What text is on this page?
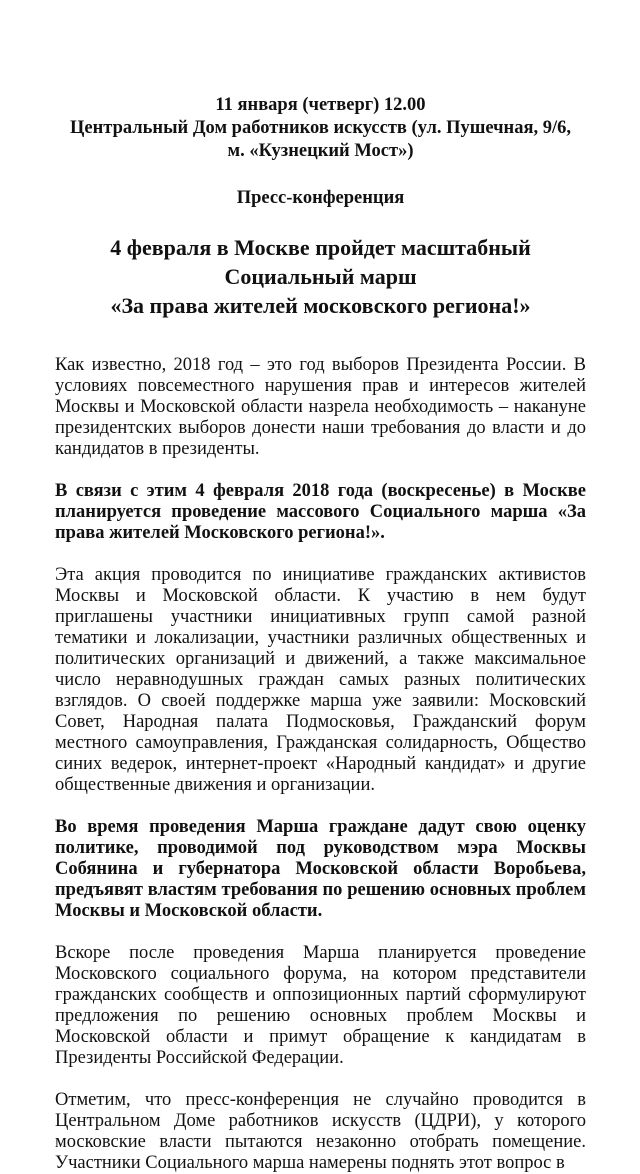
11 января (четверг) 12.00
Центральный Дом работников искусств (ул. Пушечная, 9/6,
м. «Кузнецкий Мост»)
Пресс-конференция
4 февраля в Москве пройдет масштабный
Социальный марш
«За права жителей московского региона!»

Как известно, 2018 год – это год выборов Президента России. В условиях повсеместного нарушения прав и интересов жителей Москвы и Московской области назрела необходимость – накануне президентских выборов донести наши требования до власти и до кандидатов в президенты.

В связи с этим 4 февраля 2018 года (воскресенье) в Москве планируется проведение массового Социального марша «За права жителей Московского региона!».

Эта акция проводится по инициативе гражданских активистов Москвы и Московской области. К участию в нем будут приглашены участники инициативных групп самой разной тематики и локализации, участники различных общественных и политических организаций и движений, а также максимальное число неравнодушных граждан самых разных политических взглядов. О своей поддержке марша уже заявили: Московский Совет, Народная палата Подмосковья, Гражданский форум местного самоуправления, Гражданская солидарность, Общество синих ведерок, интернет-проект «Народный кандидат» и другие общественные движения и организации.

Во время проведения Марша граждане дадут свою оценку политике, проводимой под руководством мэра Москвы Собянина и губернатора Московской области Воробьева, предъявят властям требования по решению основных проблем Москвы и Московской области.

Вскоре после проведения Марша планируется проведение Московского социального форума, на котором представители гражданских сообществ и оппозиционных партий сформулируют предложения по решению основных проблем Москвы и Московской области и примут обращение к кандидатам в Президенты Российской Федерации.

Отметим, что пресс-конференция не случайно проводится в Центральном Доме работников искусств (ЦДРИ), у которого московские власти пытаются незаконно отобрать помещение. Участники Социального марша намерены поднять этот вопрос в
